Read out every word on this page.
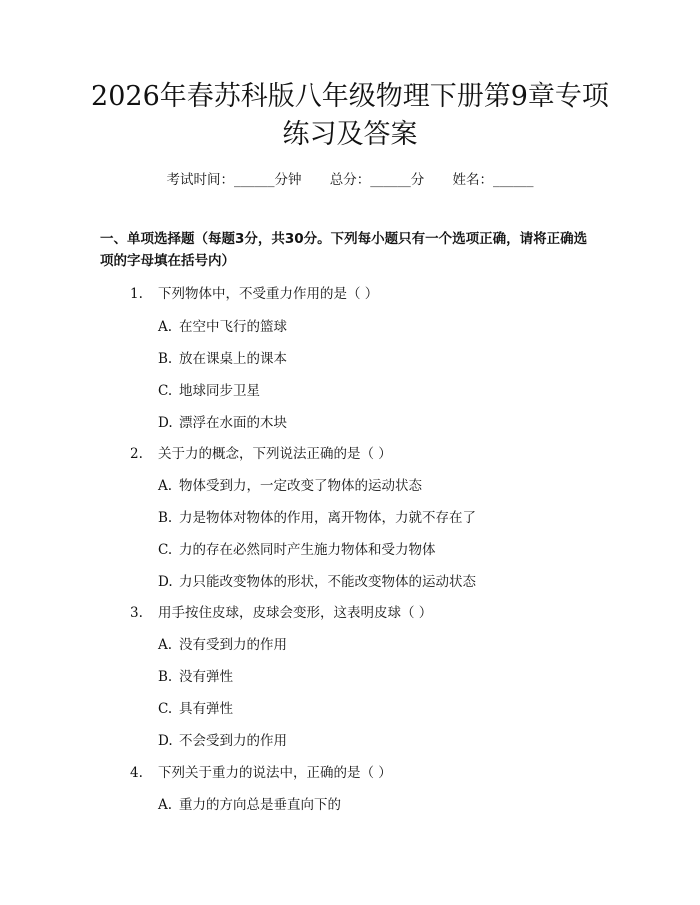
2026年春苏科版八年级物理下册第9章专项
练习及答案
考试时间：______分钟 总分：______分 姓名：______

一、单项选择题（每题3分，共30分。下列每小题只有一个选项正确，请将正确选项的字母填在括号内）

1. 下列物体中，不受重力作用的是（ ）
A. 在空中飞行的篮球
B. 放在课桌上的课本
C. 地球同步卫星
D. 漂浮在水面的木块
2. 关于力的概念，下列说法正确的是（ ）
A. 物体受到力，一定改变了物体的运动状态
B. 力是物体对物体的作用，离开物体，力就不存在了
C. 力的存在必然同时产生施力物体和受力物体
D. 力只能改变物体的形状，不能改变物体的运动状态
3. 用手按住皮球，皮球会变形，这表明皮球（ ）
A. 没有受到力的作用
B. 没有弹性
C. 具有弹性
D. 不会受到力的作用
4. 下列关于重力的说法中，正确的是（ ）
A. 重力的方向总是垂直向下的
